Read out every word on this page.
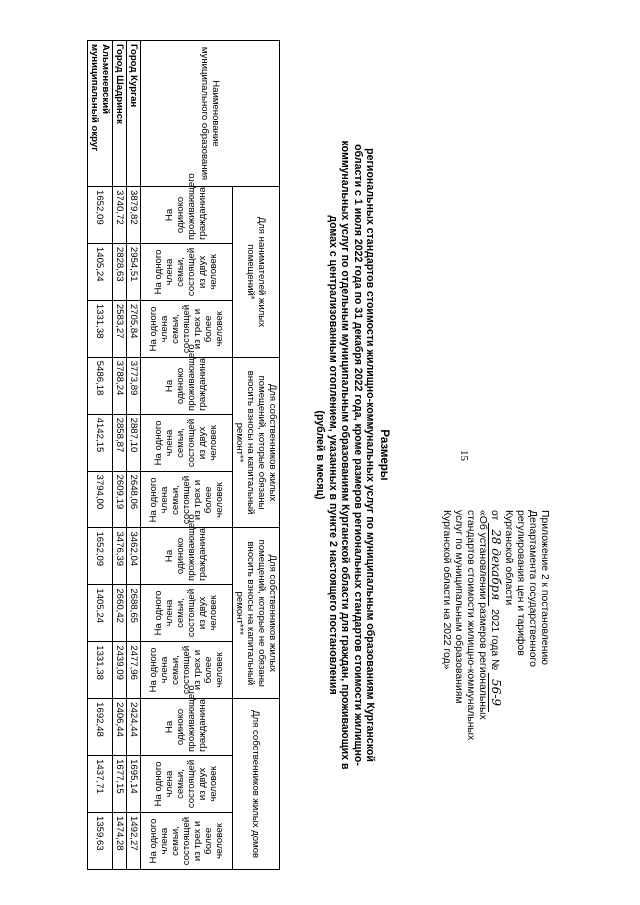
15
Приложение 2 к постановлению
Департамента государственного
регулирования цен и тарифов
Курганской области
от 28 декабря 2021 года № 56-9
«Об установлении размеров региональных
стандартов стоимости жилищно-коммунальных
услуг по муниципальным образованиям
Курганской области на 2022 год»
Размеры
региональных стандартов стоимости жилищно-коммунальных услуг по муниципальным образованиям Курганской
области с 1 июля 2022 года по 31 декабря 2022 года, кроме размеров региональных стандартов стоимости жилищно-
коммунальных услуг по отдельным муниципальным образованиям Курганской области для граждан, проживающих в
домах с централизованным отоплением, указанных в пункте 2 настоящего постановления
(рублей в месяц)
Наименование муниципального образования	Для нанимателей жилых помещений*			Для собственников жилых помещений, которые обязаны вносить взносы на капитальный ремонт**			Для собственников жилых помещений, которые не обязаны вносить взносы на капитальный ремонт***			Для собственников жилых домов		
	На одиноко проживающего гражданина	На одного члена семьи, состоящей из двух человек	На одного члена семьи, состоящей из трех и более человек	На одиноко проживающего гражданина	На одного члена семьи, состоящей из двух человек	На одного члена семьи, состоящей из трех и более человек	На одиноко проживающего гражданина	На одного члена семьи, состоящей из двух человек	На одного члена семьи, состоящей из трех и более человек	На одиноко проживающего гражданина	На одного члена семьи, состоящей из двух человек	На одного члена семьи, состоящей из трех и более человек
Город Курган	3879,82	2954,51	2705,84	3773,89	2887,10	2648,06	3462,04	2688,65	2477,96	2424,44	1695,14	1492,27
Город Шадринск	3740,72	2828,63	2583,27	3788,24	2858,87	2609,19	3476,39	2660,42	2439,09	2406,44	1677,15	1474,28
Альменевский муниципальный округ	1652,09	1405,24	1331,38	5486,18	4142,15	3794,00	1652,09	1405,24	1331,38	1692,48	1437,71	1359,63
